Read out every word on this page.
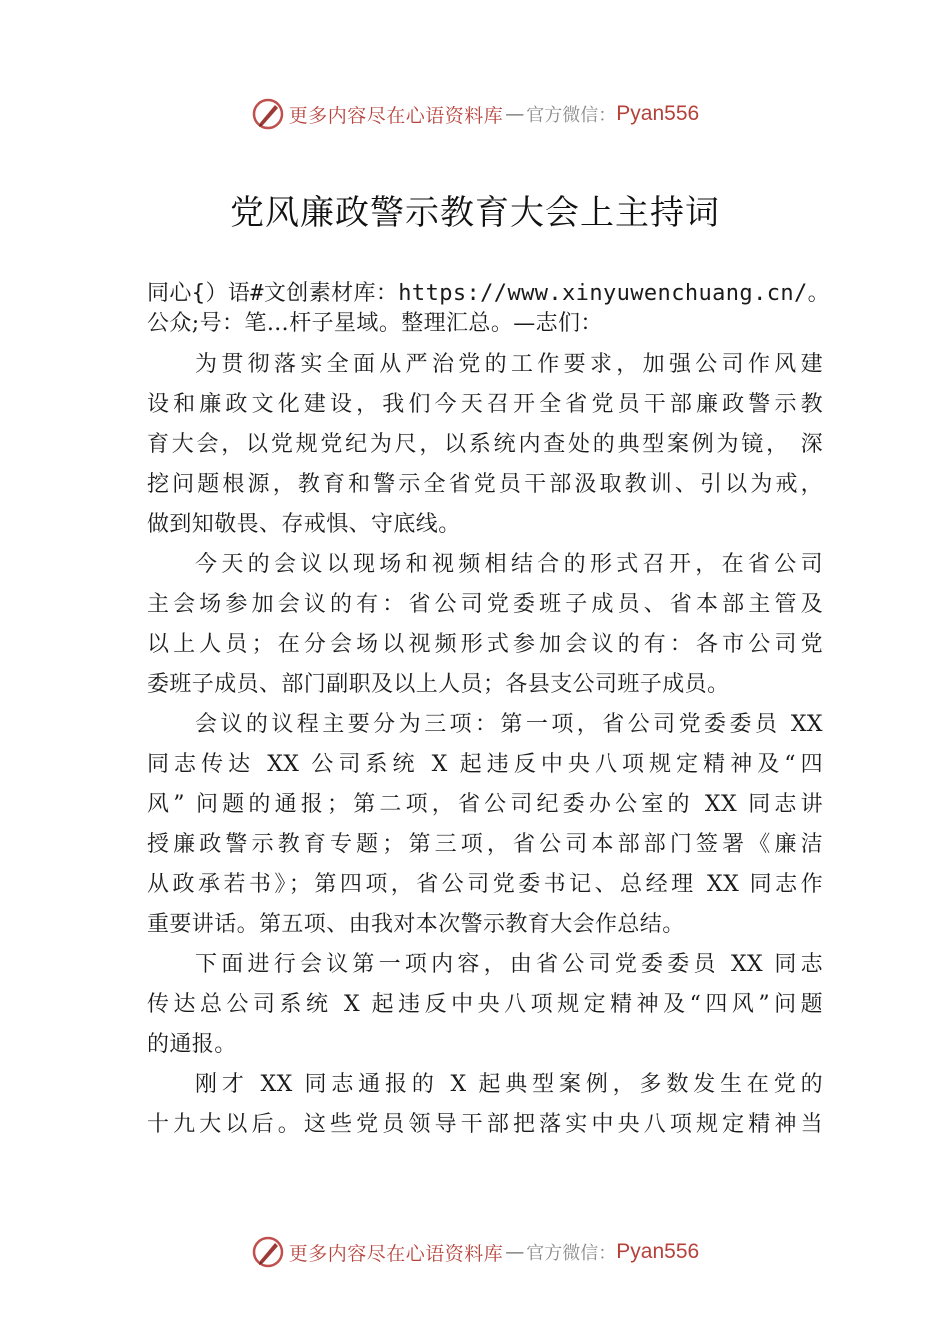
更多内容尽在心语资料库 — 官方微信： Pyan556
党风廉政警示教育大会上主持词
同心{）语#文创素材库：https://www.xinyuwenchuang.cn/。
公众;号：笔…杆子星域。整理汇总。—志们：
为贯彻落实全面从严治党的工作要求，加强公司作风建
设和廉政文化建设，我们今天召开全省党员干部廉政警示教
育大会，以党规党纪为尺，以系统内查处的典型案例为镜， 深
挖问题根源，教育和警示全省党员干部汲取教训、引以为戒，
做到知敬畏、存戒惧、守底线。
今天的会议以现场和视频相结合的形式召开，在省公司
主会场参加会议的有：省公司党委班子成员、省本部主管及
以上人员；在分会场以视频形式参加会议的有：各市公司党
委班子成员、部门副职及以上人员；各县支公司班子成员。
会议的议程主要分为三项：第一项，省公司党委委员 XX
同志传达 XX 公司系统 X 起违反中央八项规定精神及“四
风” 问题的通报；第二项，省公司纪委办公室的 XX 同志讲
授廉政警示教育专题；第三项，省公司本部部门签署《廉洁
从政承若书》；第四项，省公司党委书记、总经理 XX 同志作
重要讲话。第五项、由我对本次警示教育大会作总结。
下面进行会议第一项内容，由省公司党委委员 XX 同志
传达总公司系统 X 起违反中央八项规定精神及“四风”问题
的通报。
刚才 XX 同志通报的 X 起典型案例，多数发生在党的
十九大以后。这些党员领导干部把落实中央八项规定精神当
更多内容尽在心语资料库 — 官方微信： Pyan556
